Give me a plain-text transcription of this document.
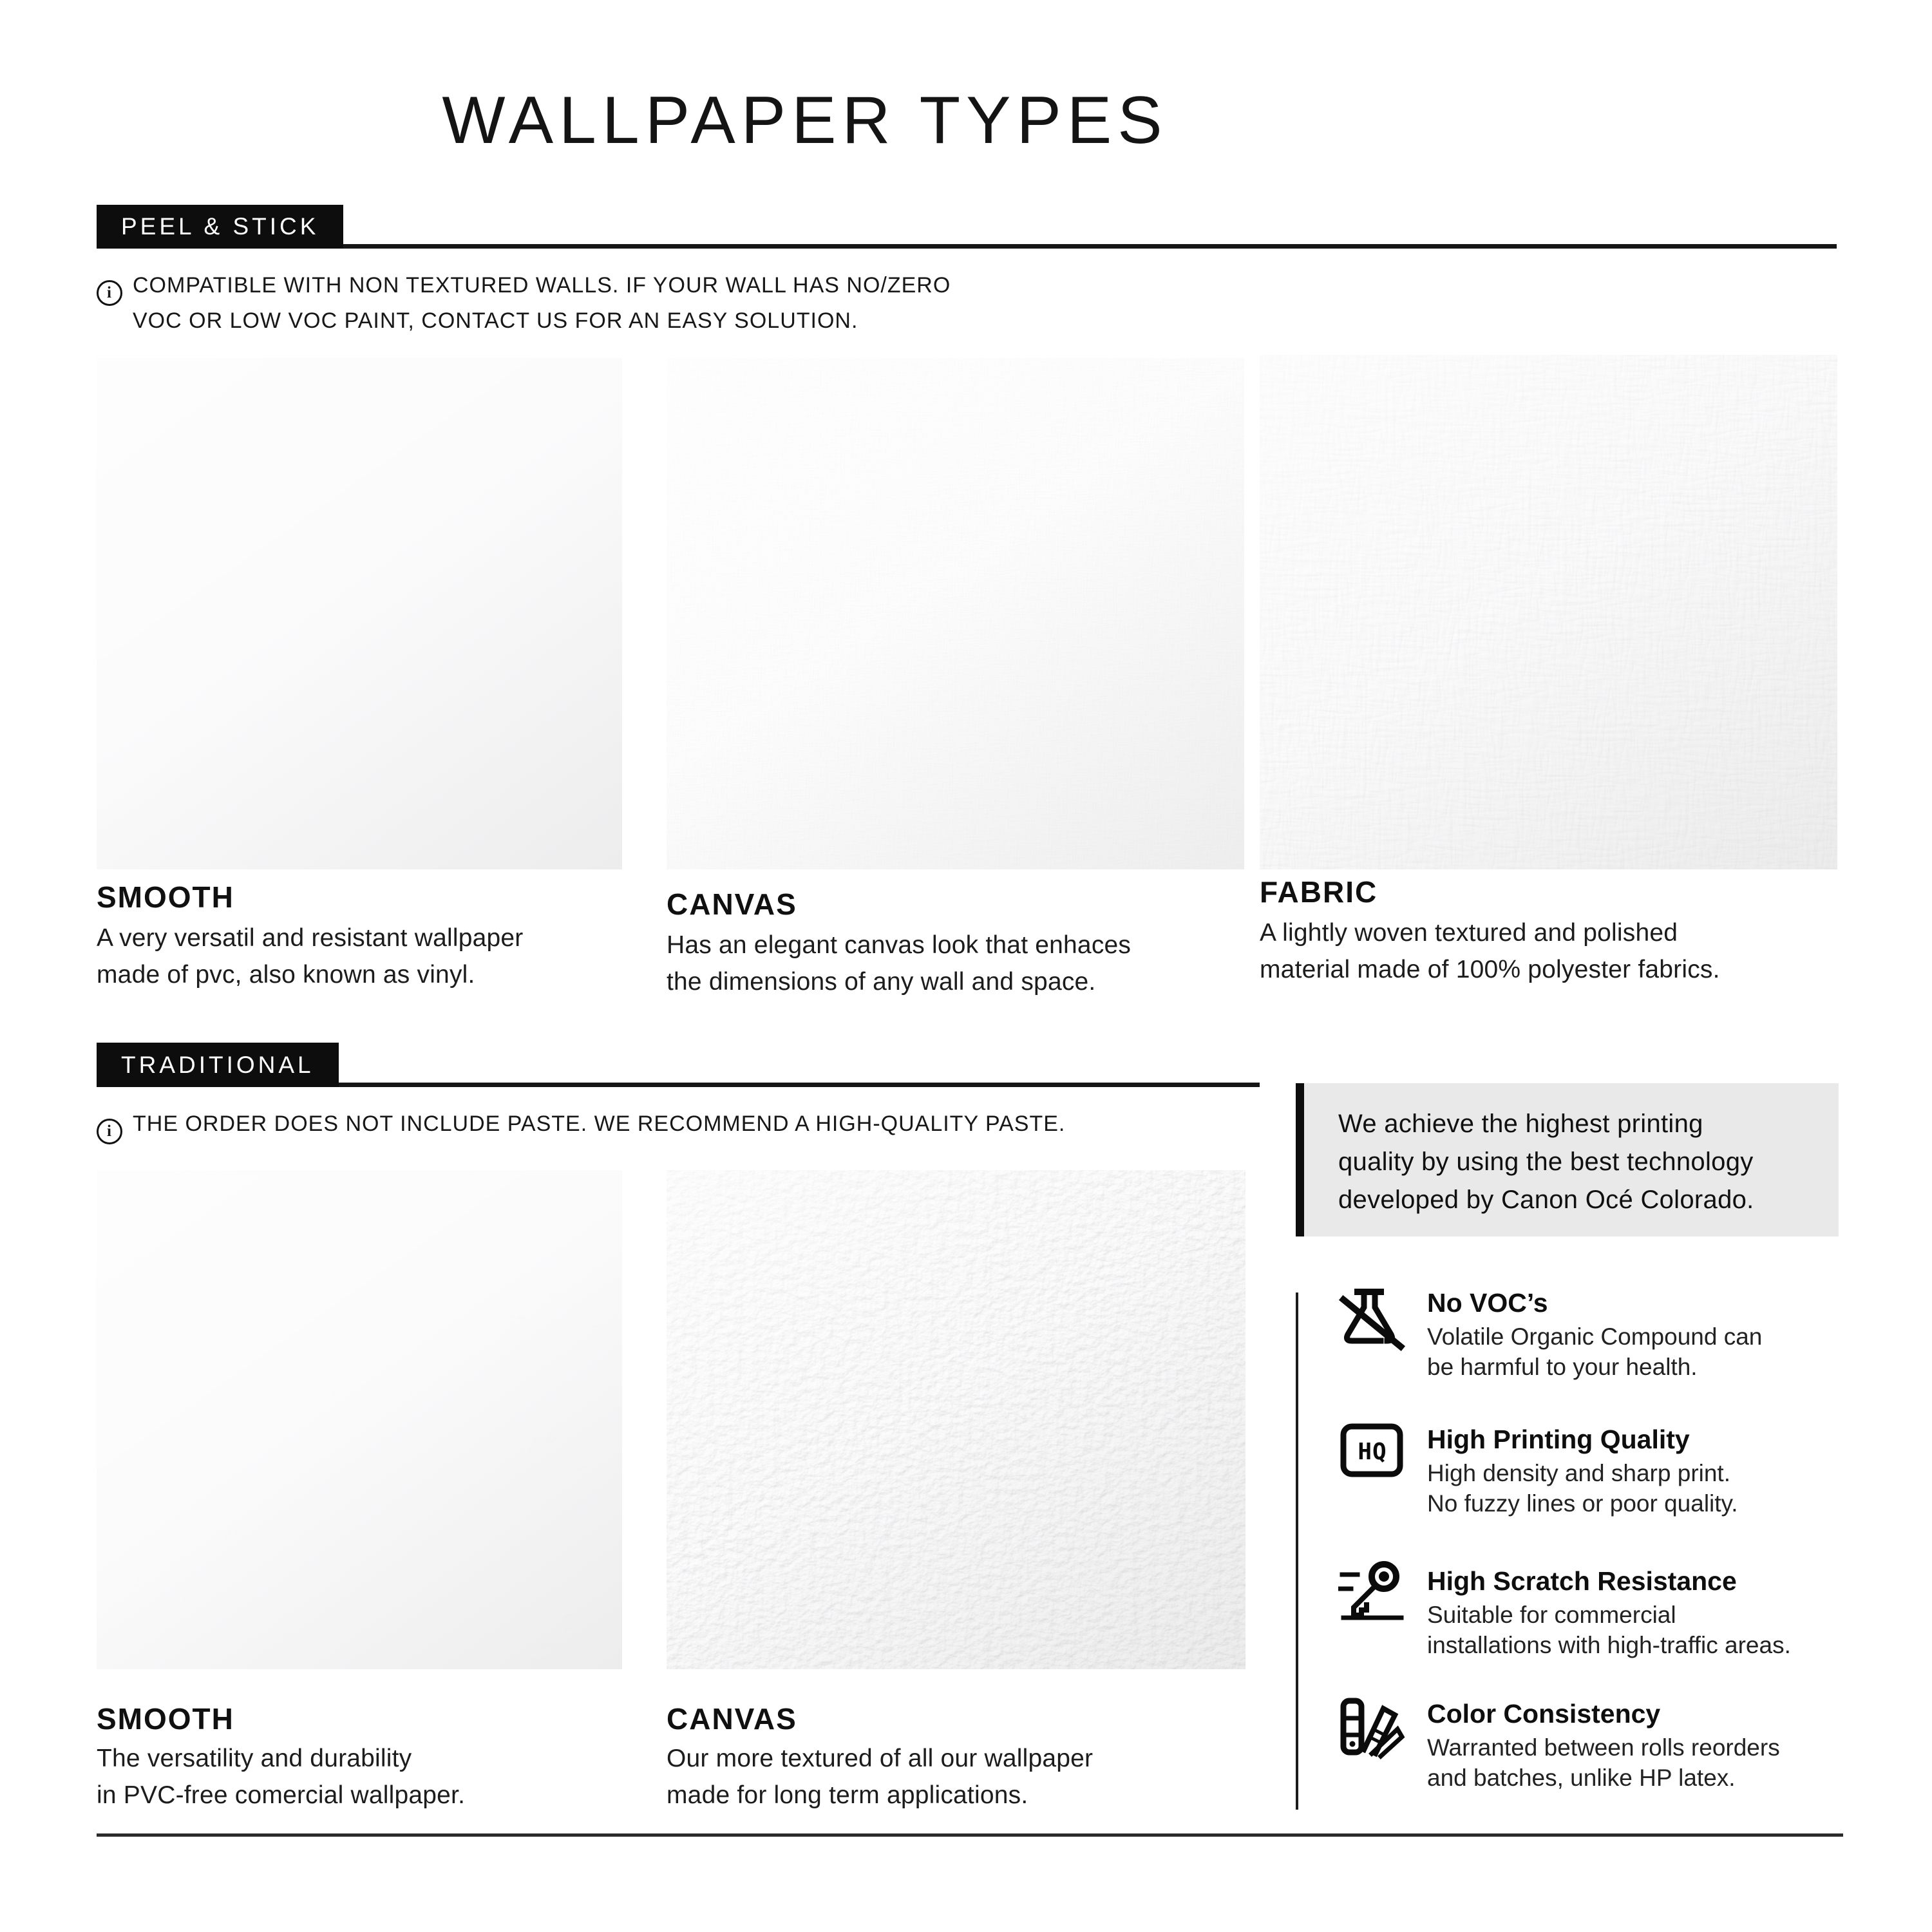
WALLPAPER TYPES
PEEL & STICK
i COMPATIBLE WITH NON TEXTURED WALLS. IF YOUR WALL HAS NO/ZERO
VOC OR LOW VOC PAINT, CONTACT US FOR AN EASY SOLUTION.
SMOOTH
A very versatil and resistant wallpaper
made of pvc, also known as vinyl.
CANVAS
Has an elegant canvas look that enhaces
the dimensions of any wall and space.
FABRIC
A lightly woven textured and polished
material made of 100% polyester fabrics.
TRADITIONAL
i THE ORDER DOES NOT INCLUDE PASTE. WE RECOMMEND A HIGH-QUALITY PASTE.
SMOOTH
The versatility and durability
in PVC-free comercial wallpaper.
CANVAS
Our more textured of all our wallpaper
made for long term applications.
We achieve the highest printing
quality by using the best technology
developed by Canon Océ Colorado.
No VOC’s
Volatile Organic Compound can
be harmful to your health.
HQ High Printing Quality
High density and sharp print.
No fuzzy lines or poor quality.
High Scratch Resistance
Suitable for commercial
installations with high-traffic areas.
Color Consistency
Warranted between rolls reorders
and batches, unlike HP latex.
